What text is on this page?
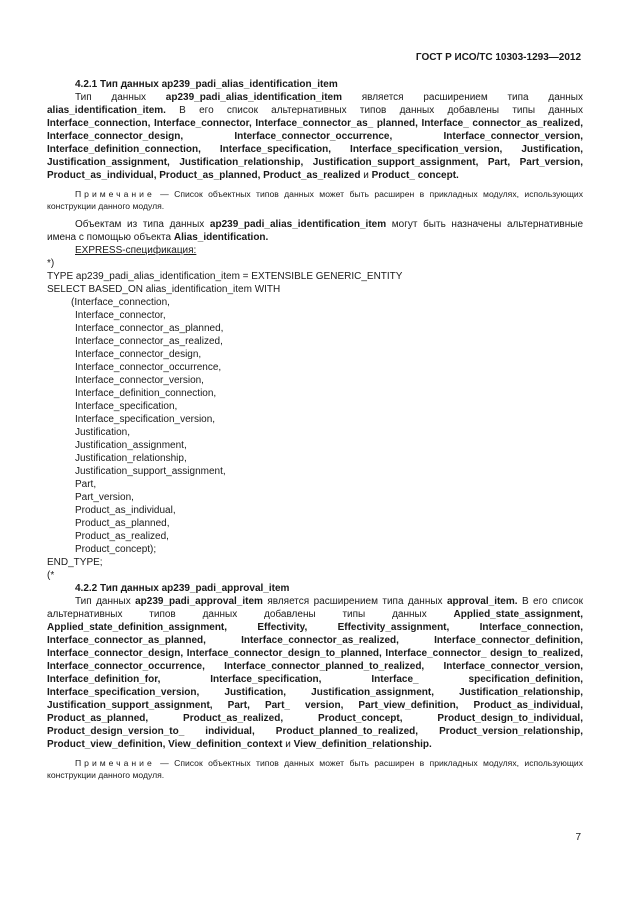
ГОСТ Р ИСО/ТС 10303-1293—2012

4.2.1 Тип данных ap239_padi_alias_identification_item

Тип данных ap239_padi_alias_identification_item является расширением типа данных alias_identification_item. В его список альтернативных типов данных добавлены типы данных Interface_connection, Interface_connector, Interface_connector_as_ planned, Interface_ connector_as_realized, Interface_connector_design, Interface_connector_occurrence, Interface_connector_version, Interface_definition_connection, Interface_specification, Interface_specification_version, Justification, Justification_assignment, Justification_relationship, Justification_support_assignment, Part, Part_version, Product_as_individual, Product_as_planned, Product_as_realized и Product_ concept.

Примечание — Список объектных типов данных может быть расширен в прикладных модулях, использующих конструкции данного модуля.

Объектам из типа данных ap239_padi_alias_identification_item могут быть назначены альтернативные имена с помощью объекта Alias_identification.

EXPRESS-спецификация:

*)
TYPE ap239_padi_alias_identification_item = EXTENSIBLE GENERIC_ENTITY
SELECT BASED_ON alias_identification_item WITH
(Interface_connection,
Interface_connector,
Interface_connector_as_planned,
Interface_connector_as_realized,
Interface_connector_design,
Interface_connector_occurrence,
Interface_connector_version,
Interface_definition_connection,
Interface_specification,
Interface_specification_version,
Justification,
Justification_assignment,
Justification_relationship,
Justification_support_assignment,
Part,
Part_version,
Product_as_individual,
Product_as_planned,
Product_as_realized,
Product_concept);
END_TYPE;
(*

4.2.2 Тип данных ap239_padi_approval_item

Тип данных ap239_padi_approval_item является расширением типа данных approval_item. В его список альтернативных типов данных добавлены типы данных Applied_state_assignment, Applied_state_definition_assignment, Effectivity, Effectivity_assignment, Interface_connection, Interface_connector_as_planned, Interface_connector_as_realized, Interface_connector_definition, Interface_connector_design, Interface_connector_design_to_planned, Interface_connector_ design_to_realized, Interface_connector_occurrence, Interface_connector_planned_to_realized, Interface_connector_version, Interface_definition_for, Interface_specification, Interface_ specification_definition, Interface_specification_version, Justification, Justification_assignment, Justification_relationship, Justification_support_assignment, Part, Part_ version, Part_view_definition, Product_as_individual, Product_as_planned, Product_as_realized, Product_concept, Product_design_to_individual, Product_design_version_to_ individual, Product_planned_to_realized, Product_version_relationship, Product_view_definition, View_definition_context и View_definition_relationship.

Примечание — Список объектных типов данных может быть расширен в прикладных модулях, использующих конструкции данного модуля.

7
